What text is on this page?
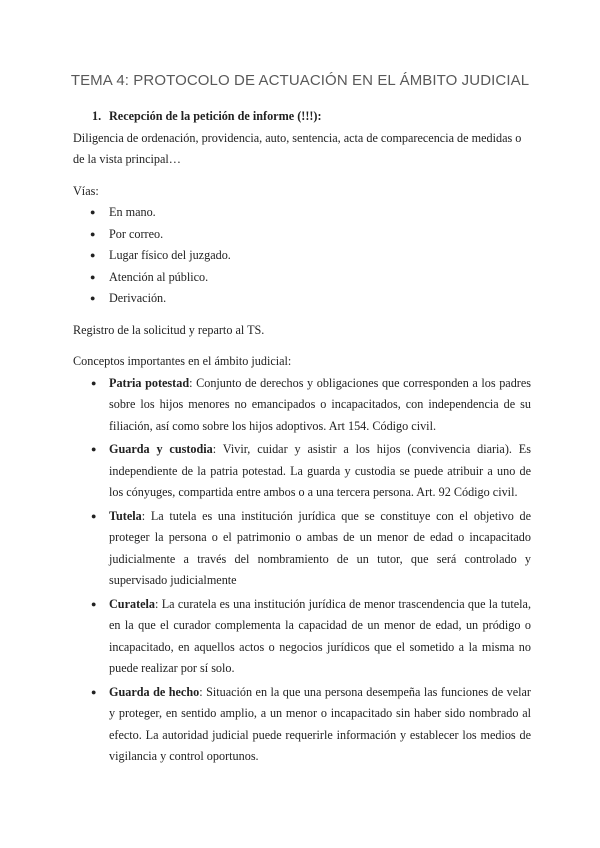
TEMA 4: PROTOCOLO DE ACTUACIÓN EN EL ÁMBITO JUDICIAL
1. Recepción de la petición de informe (!!!):

Diligencia de ordenación, providencia, auto, sentencia, acta de comparecencia de medidas o de la vista principal…

Vías:

● En mano.
● Por correo.
● Lugar físico del juzgado.
● Atención al público.
● Derivación.

Registro de la solicitud y reparto al TS.

Conceptos importantes en el ámbito judicial:

● Patria potestad: Conjunto de derechos y obligaciones que corresponden a los padres sobre los hijos menores no emancipados o incapacitados, con independencia de su filiación, así como sobre los hijos adoptivos. Art 154. Código civil.
● Guarda y custodia: Vivir, cuidar y asistir a los hijos (convivencia diaria). Es independiente de la patria potestad. La guarda y custodia se puede atribuir a uno de los cónyuges, compartida entre ambos o a una tercera persona. Art. 92 Código civil.
● Tutela: La tutela es una institución jurídica que se constituye con el objetivo de proteger la persona o el patrimonio o ambas de un menor de edad o incapacitado judicialmente a través del nombramiento de un tutor, que será controlado y supervisado judicialmente
● Curatela: La curatela es una institución jurídica de menor trascendencia que la tutela, en la que el curador complementa la capacidad de un menor de edad, un pródigo o incapacitado, en aquellos actos o negocios jurídicos que el sometido a la misma no puede realizar por sí solo.
● Guarda de hecho: Situación en la que una persona desempeña las funciones de velar y proteger, en sentido amplio, a un menor o incapacitado sin haber sido nombrado al efecto. La autoridad judicial puede requerirle información y establecer los medios de vigilancia y control oportunos.
